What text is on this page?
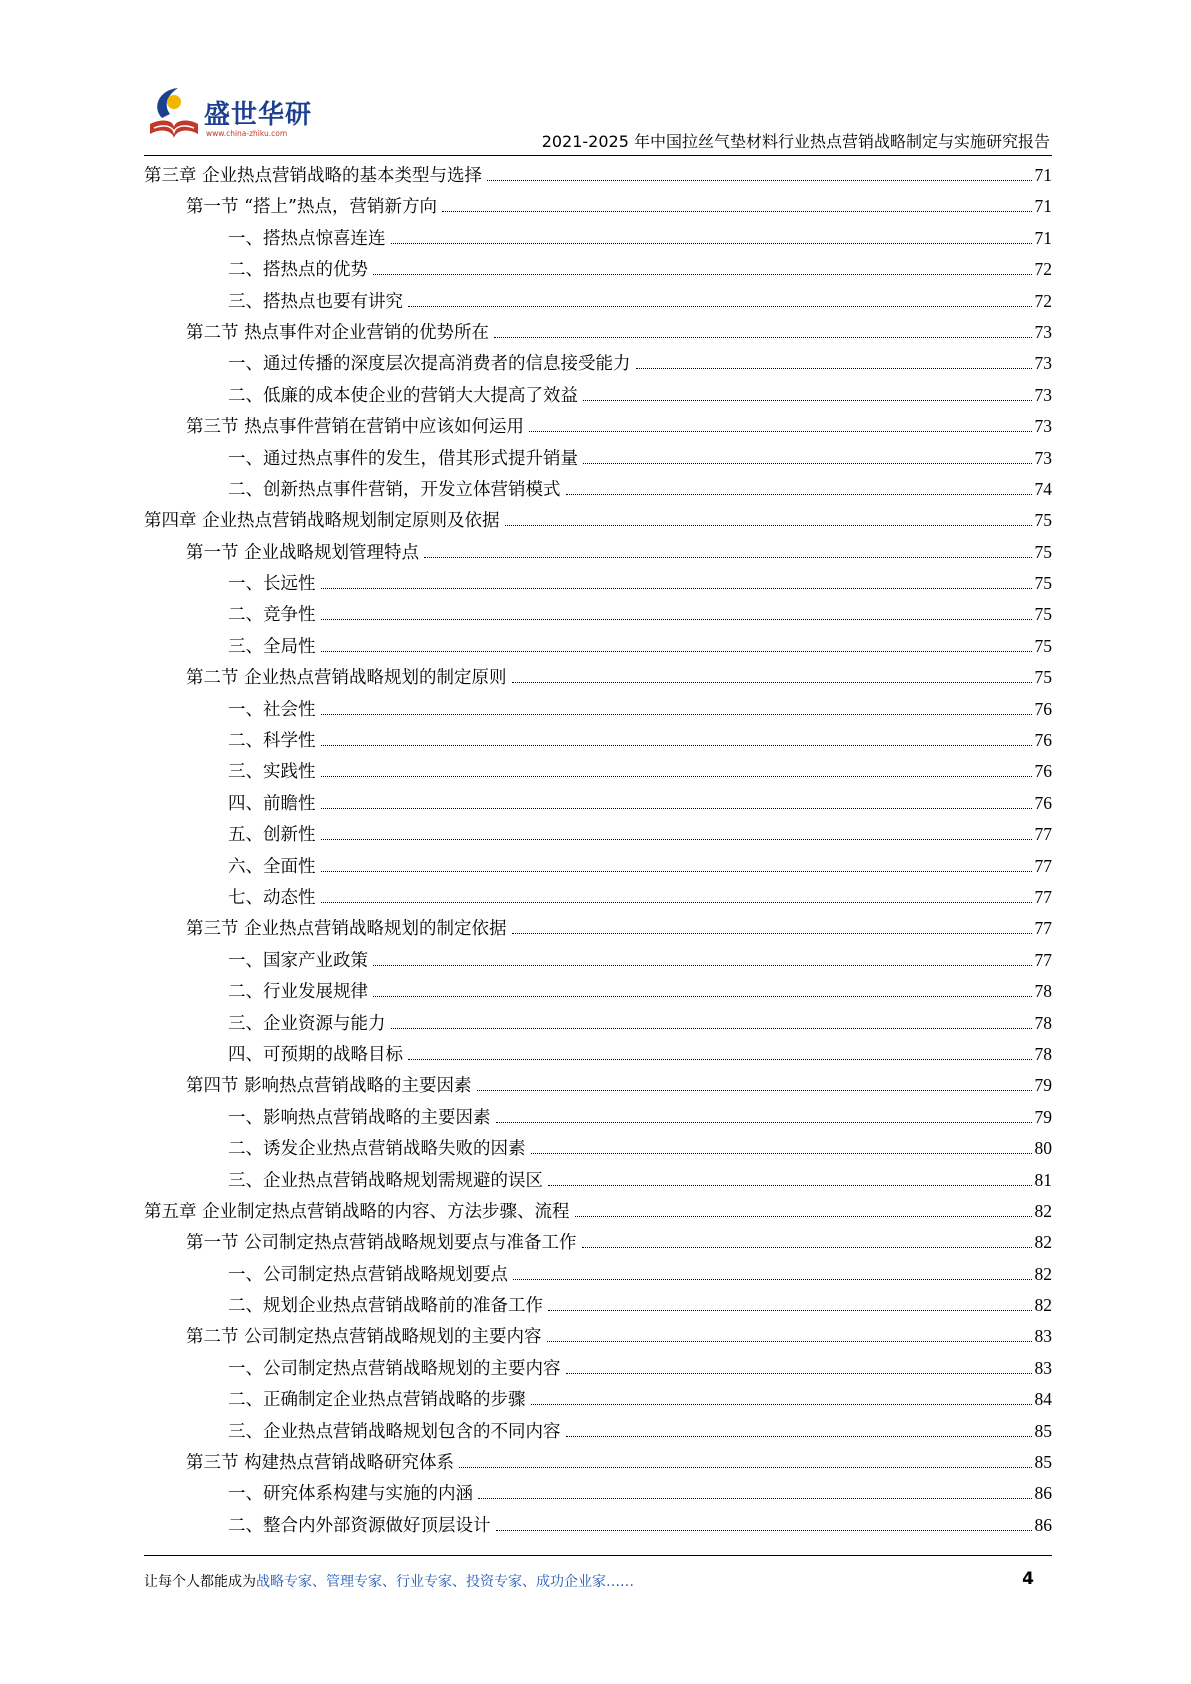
盛世华研
www.china-zhiku.com	2021-2025 年中国拉丝气垫材料行业热点营销战略制定与实施研究报告
第三章 企业热点营销战略的基本类型与选择	71
第一节 “搭上”热点，营销新方向	71
一、搭热点惊喜连连	71
二、搭热点的优势	72
三、搭热点也要有讲究	72
第二节 热点事件对企业营销的优势所在	73
一、通过传播的深度层次提高消费者的信息接受能力	73
二、低廉的成本使企业的营销大大提高了效益	73
第三节 热点事件营销在营销中应该如何运用	73
一、通过热点事件的发生，借其形式提升销量	73
二、创新热点事件营销，开发立体营销模式	74
第四章 企业热点营销战略规划制定原则及依据	75
第一节 企业战略规划管理特点	75
一、长远性	75
二、竞争性	75
三、全局性	75
第二节 企业热点营销战略规划的制定原则	75
一、社会性	76
二、科学性	76
三、实践性	76
四、前瞻性	76
五、创新性	77
六、全面性	77
七、动态性	77
第三节 企业热点营销战略规划的制定依据	77
一、国家产业政策	77
二、行业发展规律	78
三、企业资源与能力	78
四、可预期的战略目标	78
第四节 影响热点营销战略的主要因素	79
一、影响热点营销战略的主要因素	79
二、诱发企业热点营销战略失败的因素	80
三、企业热点营销战略规划需规避的误区	81
第五章 企业制定热点营销战略的内容、方法步骤、流程	82
第一节 公司制定热点营销战略规划要点与准备工作	82
一、公司制定热点营销战略规划要点	82
二、规划企业热点营销战略前的准备工作	82
第二节 公司制定热点营销战略规划的主要内容	83
一、公司制定热点营销战略规划的主要内容	83
二、正确制定企业热点营销战略的步骤	84
三、企业热点营销战略规划包含的不同内容	85
第三节 构建热点营销战略研究体系	85
一、研究体系构建与实施的内涵	86
二、整合内外部资源做好顶层设计	86
让每个人都能成为战略专家、管理专家、行业专家、投资专家、成功企业家……	4
